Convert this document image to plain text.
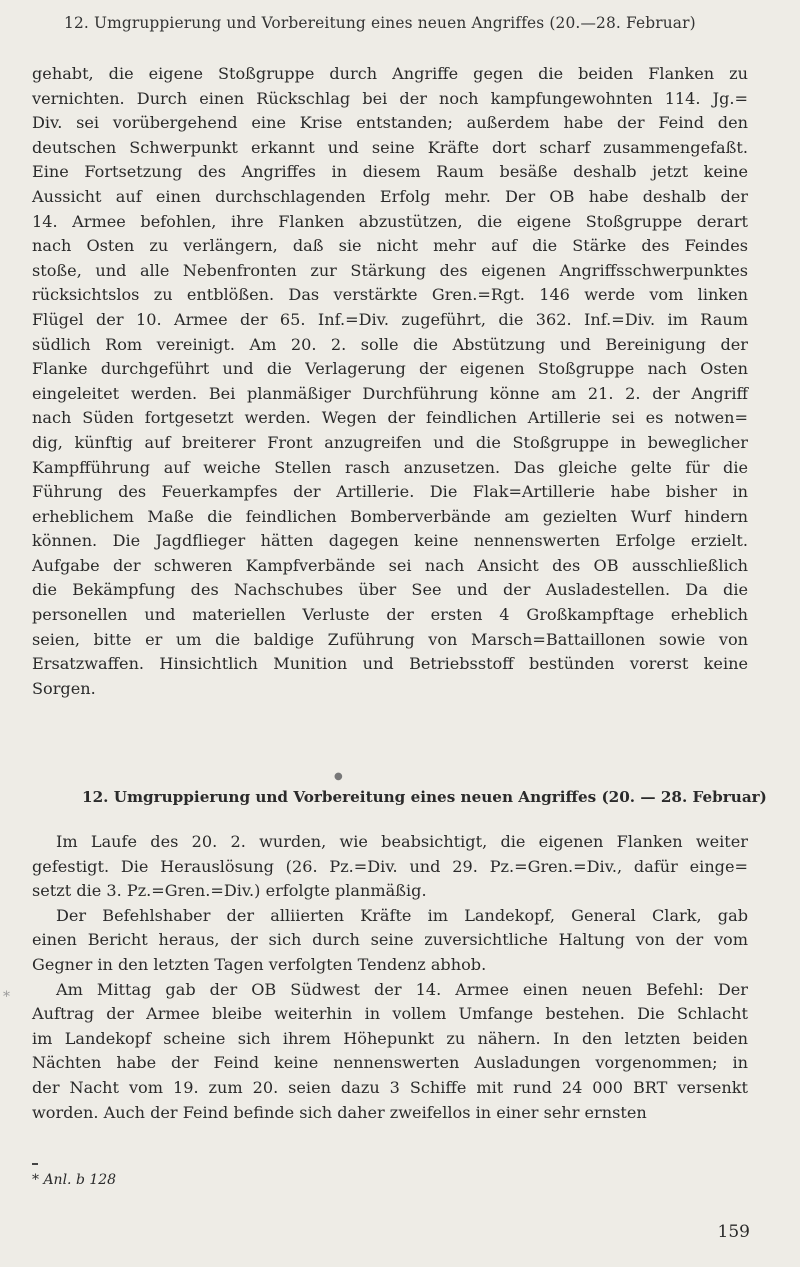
12. Umgruppierung und Vorbereitung eines neuen Angriffes (20.—28. Februar)

gehabt, die eigene Stoßgruppe durch Angriffe gegen die beiden Flanken zu
vernichten. Durch einen Rückschlag bei der noch kampfungewohnten 114. Jg.=
Div. sei vorübergehend eine Krise entstanden; außerdem habe der Feind den
deutschen Schwerpunkt erkannt und seine Kräfte dort scharf zusammengefaßt.
Eine Fortsetzung des Angriffes in diesem Raum besäße deshalb jetzt keine
Aussicht auf einen durchschlagenden Erfolg mehr. Der OB habe deshalb der
14. Armee befohlen, ihre Flanken abzustützen, die eigene Stoßgruppe derart
nach Osten zu verlängern, daß sie nicht mehr auf die Stärke des Feindes
stoße, und alle Nebenfronten zur Stärkung des eigenen Angriffsschwerpunktes
rücksichtslos zu entblößen. Das verstärkte Gren.=Rgt. 146 werde vom linken
Flügel der 10. Armee der 65. Inf.=Div. zugeführt, die 362. Inf.=Div. im Raum
südlich Rom vereinigt. Am 20. 2. solle die Abstützung und Bereinigung der
Flanke durchgeführt und die Verlagerung der eigenen Stoßgruppe nach Osten
eingeleitet werden. Bei planmäßiger Durchführung könne am 21. 2. der Angriff
nach Süden fortgesetzt werden. Wegen der feindlichen Artillerie sei es notwen=
dig, künftig auf breiterer Front anzugreifen und die Stoßgruppe in beweglicher
Kampfführung auf weiche Stellen rasch anzusetzen. Das gleiche gelte für die
Führung des Feuerkampfes der Artillerie. Die Flak=Artillerie habe bisher in
erheblichem Maße die feindlichen Bomberverbände am gezielten Wurf hindern
können. Die Jagdflieger hätten dagegen keine nennenswerten Erfolge erzielt.
Aufgabe der schweren Kampfverbände sei nach Ansicht des OB ausschließlich
die Bekämpfung des Nachschubes über See und der Ausladestellen. Da die
personellen und materiellen Verluste der ersten 4 Großkampftage erheblich
seien, bitte er um die baldige Zuführung von Marsch=Battaillonen sowie von
Ersatzwaffen. Hinsichtlich Munition und Betriebsstoff bestünden vorerst keine
Sorgen.

●
12. Umgruppierung und Vorbereitung eines neuen Angriffes (20. — 28. Februar)

Im Laufe des 20. 2. wurden, wie beabsichtigt, die eigenen Flanken weiter
gefestigt. Die Herauslösung (26. Pz.=Div. und 29. Pz.=Gren.=Div., dafür einge=
setzt die 3. Pz.=Gren.=Div.) erfolgte planmäßig.

Der Befehlshaber der alliierten Kräfte im Landekopf, General Clark, gab
einen Bericht heraus, der sich durch seine zuversichtliche Haltung von der vom
Gegner in den letzten Tagen verfolgten Tendenz abhob.

Am Mittag gab der OB Südwest der 14. Armee einen neuen Befehl: Der
Auftrag der Armee bleibe weiterhin in vollem Umfange bestehen. Die Schlacht
im Landekopf scheine sich ihrem Höhepunkt zu nähern. In den letzten beiden
Nächten habe der Feind keine nennenswerten Ausladungen vorgenommen; in
der Nacht vom 19. zum 20. seien dazu 3 Schiffe mit rund 24 000 BRT versenkt
worden. Auch der Feind befinde sich daher zweifellos in einer sehr ernsten

*
* Anl. b 128
159
